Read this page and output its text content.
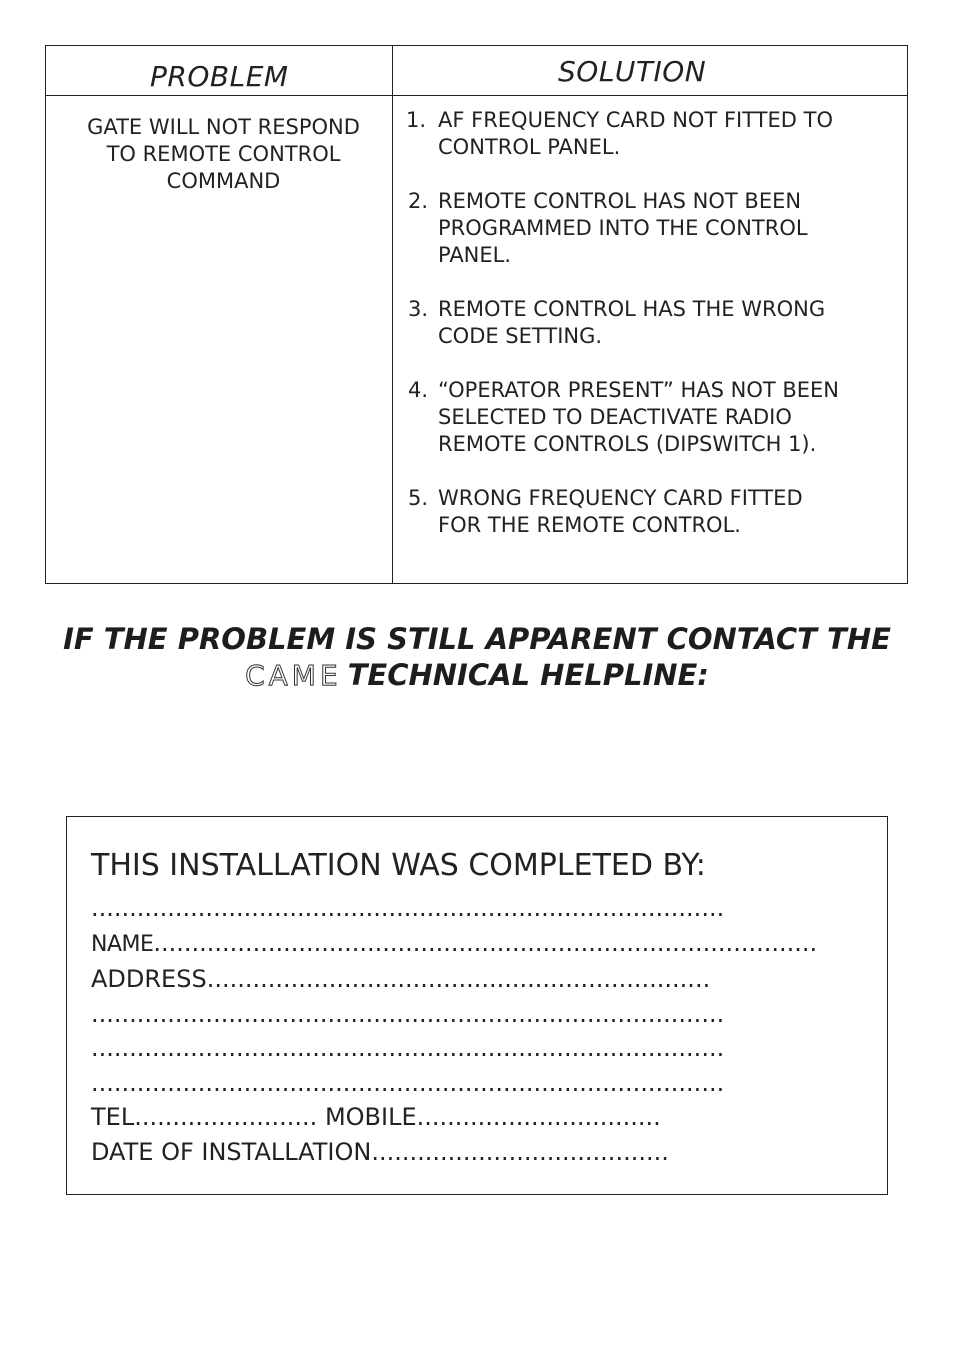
PROBLEM	SOLUTION
GATE WILL NOT RESPOND
TO REMOTE CONTROL
COMMAND
1. AF FREQUENCY CARD NOT FITTED TO
CONTROL PANEL.
2. REMOTE CONTROL HAS NOT BEEN
PROGRAMMED INTO THE CONTROL
PANEL.
3. REMOTE CONTROL HAS THE WRONG
CODE SETTING.
4. “OPERATOR PRESENT” HAS NOT BEEN
SELECTED TO DEACTIVATE RADIO
REMOTE CONTROLS (DIPSWITCH 1).
5. WRONG FREQUENCY CARD FITTED
FOR THE REMOTE CONTROL.
IF THE PROBLEM IS STILL APPARENT CONTACT THE
CAME TECHNICAL HELPLINE:
THIS INSTALLATION WAS COMPLETED BY:
...................................................................................
NAME.......................................................................................
ADDRESS..................................................................
...................................................................................
...................................................................................
...................................................................................
TEL........................ MOBILE................................
DATE OF INSTALLATION.......................................
